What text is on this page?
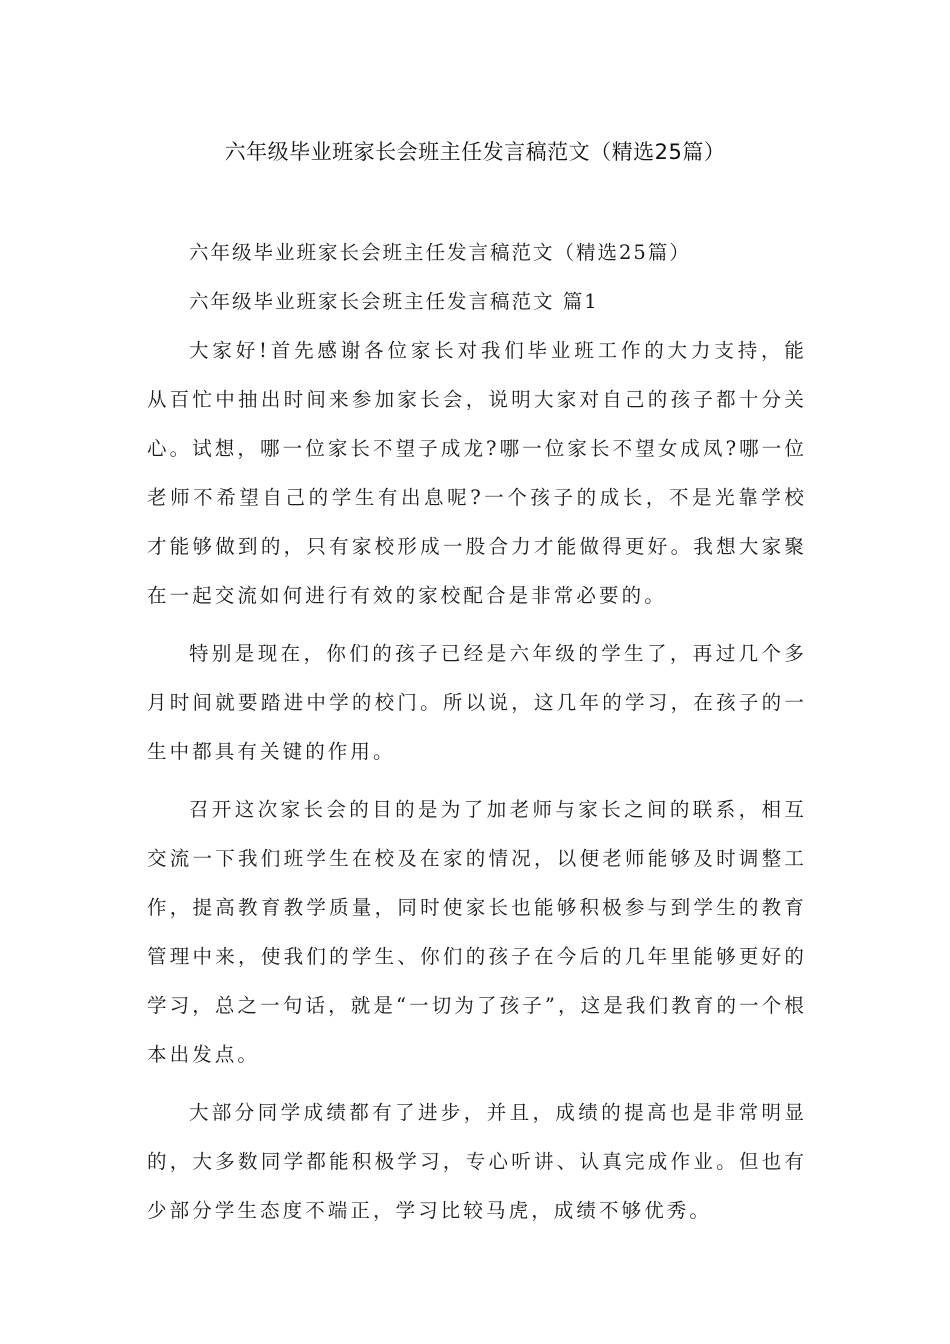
六年级毕业班家长会班主任发言稿范文（精选25篇）

六年级毕业班家长会班主任发言稿范文（精选25篇）

六年级毕业班家长会班主任发言稿范文 篇1

大家好!首先感谢各位家长对我们毕业班工作的大力支持，能从百忙中抽出时间来参加家长会，说明大家对自己的孩子都十分关心。试想，哪一位家长不望子成龙?哪一位家长不望女成凤?哪一位老师不希望自己的学生有出息呢?一个孩子的成长，不是光靠学校才能够做到的，只有家校形成一股合力才能做得更好。我想大家聚在一起交流如何进行有效的家校配合是非常必要的。

特别是现在，你们的孩子已经是六年级的学生了，再过几个多月时间就要踏进中学的校门。所以说，这几年的学习，在孩子的一生中都具有关键的作用。

召开这次家长会的目的是为了加老师与家长之间的联系，相互交流一下我们班学生在校及在家的情况，以便老师能够及时调整工作，提高教育教学质量，同时使家长也能够积极参与到学生的教育管理中来，使我们的学生、你们的孩子在今后的几年里能够更好的学习，总之一句话，就是“一切为了孩子”，这是我们教育的一个根本出发点。

大部分同学成绩都有了进步，并且，成绩的提高也是非常明显的，大多数同学都能积极学习，专心听讲、认真完成作业。但也有少部分学生态度不端正，学习比较马虎，成绩不够优秀。
